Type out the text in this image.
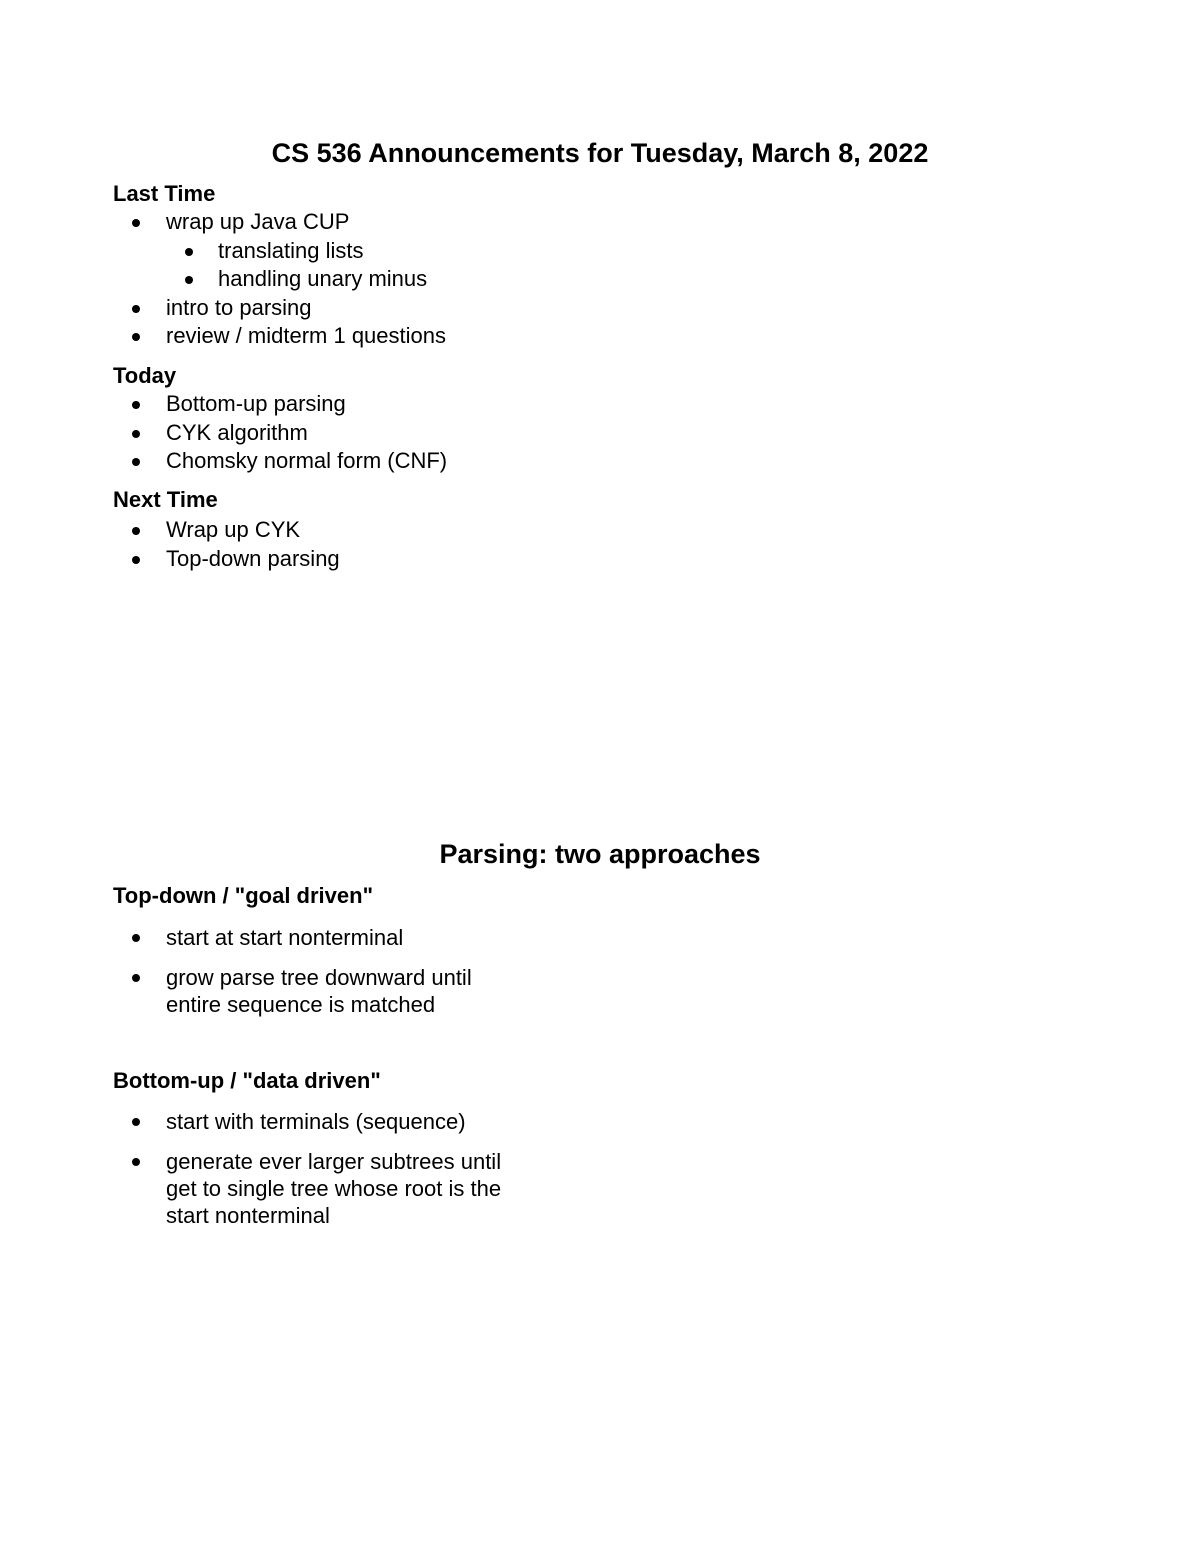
CS 536 Announcements for Tuesday, March 8, 2022
Last Time
wrap up Java CUP
translating lists
handling unary minus
intro to parsing
review / midterm 1 questions
Today
Bottom-up parsing
CYK algorithm
Chomsky normal form (CNF)
Next Time
Wrap up CYK
Top-down parsing
Parsing: two approaches
Top-down / "goal driven"
start at start nonterminal
grow parse tree downward until
entire sequence is matched
Bottom-up / "data driven"
start with terminals (sequence)
generate ever larger subtrees until
get to single tree whose root is the
start nonterminal
